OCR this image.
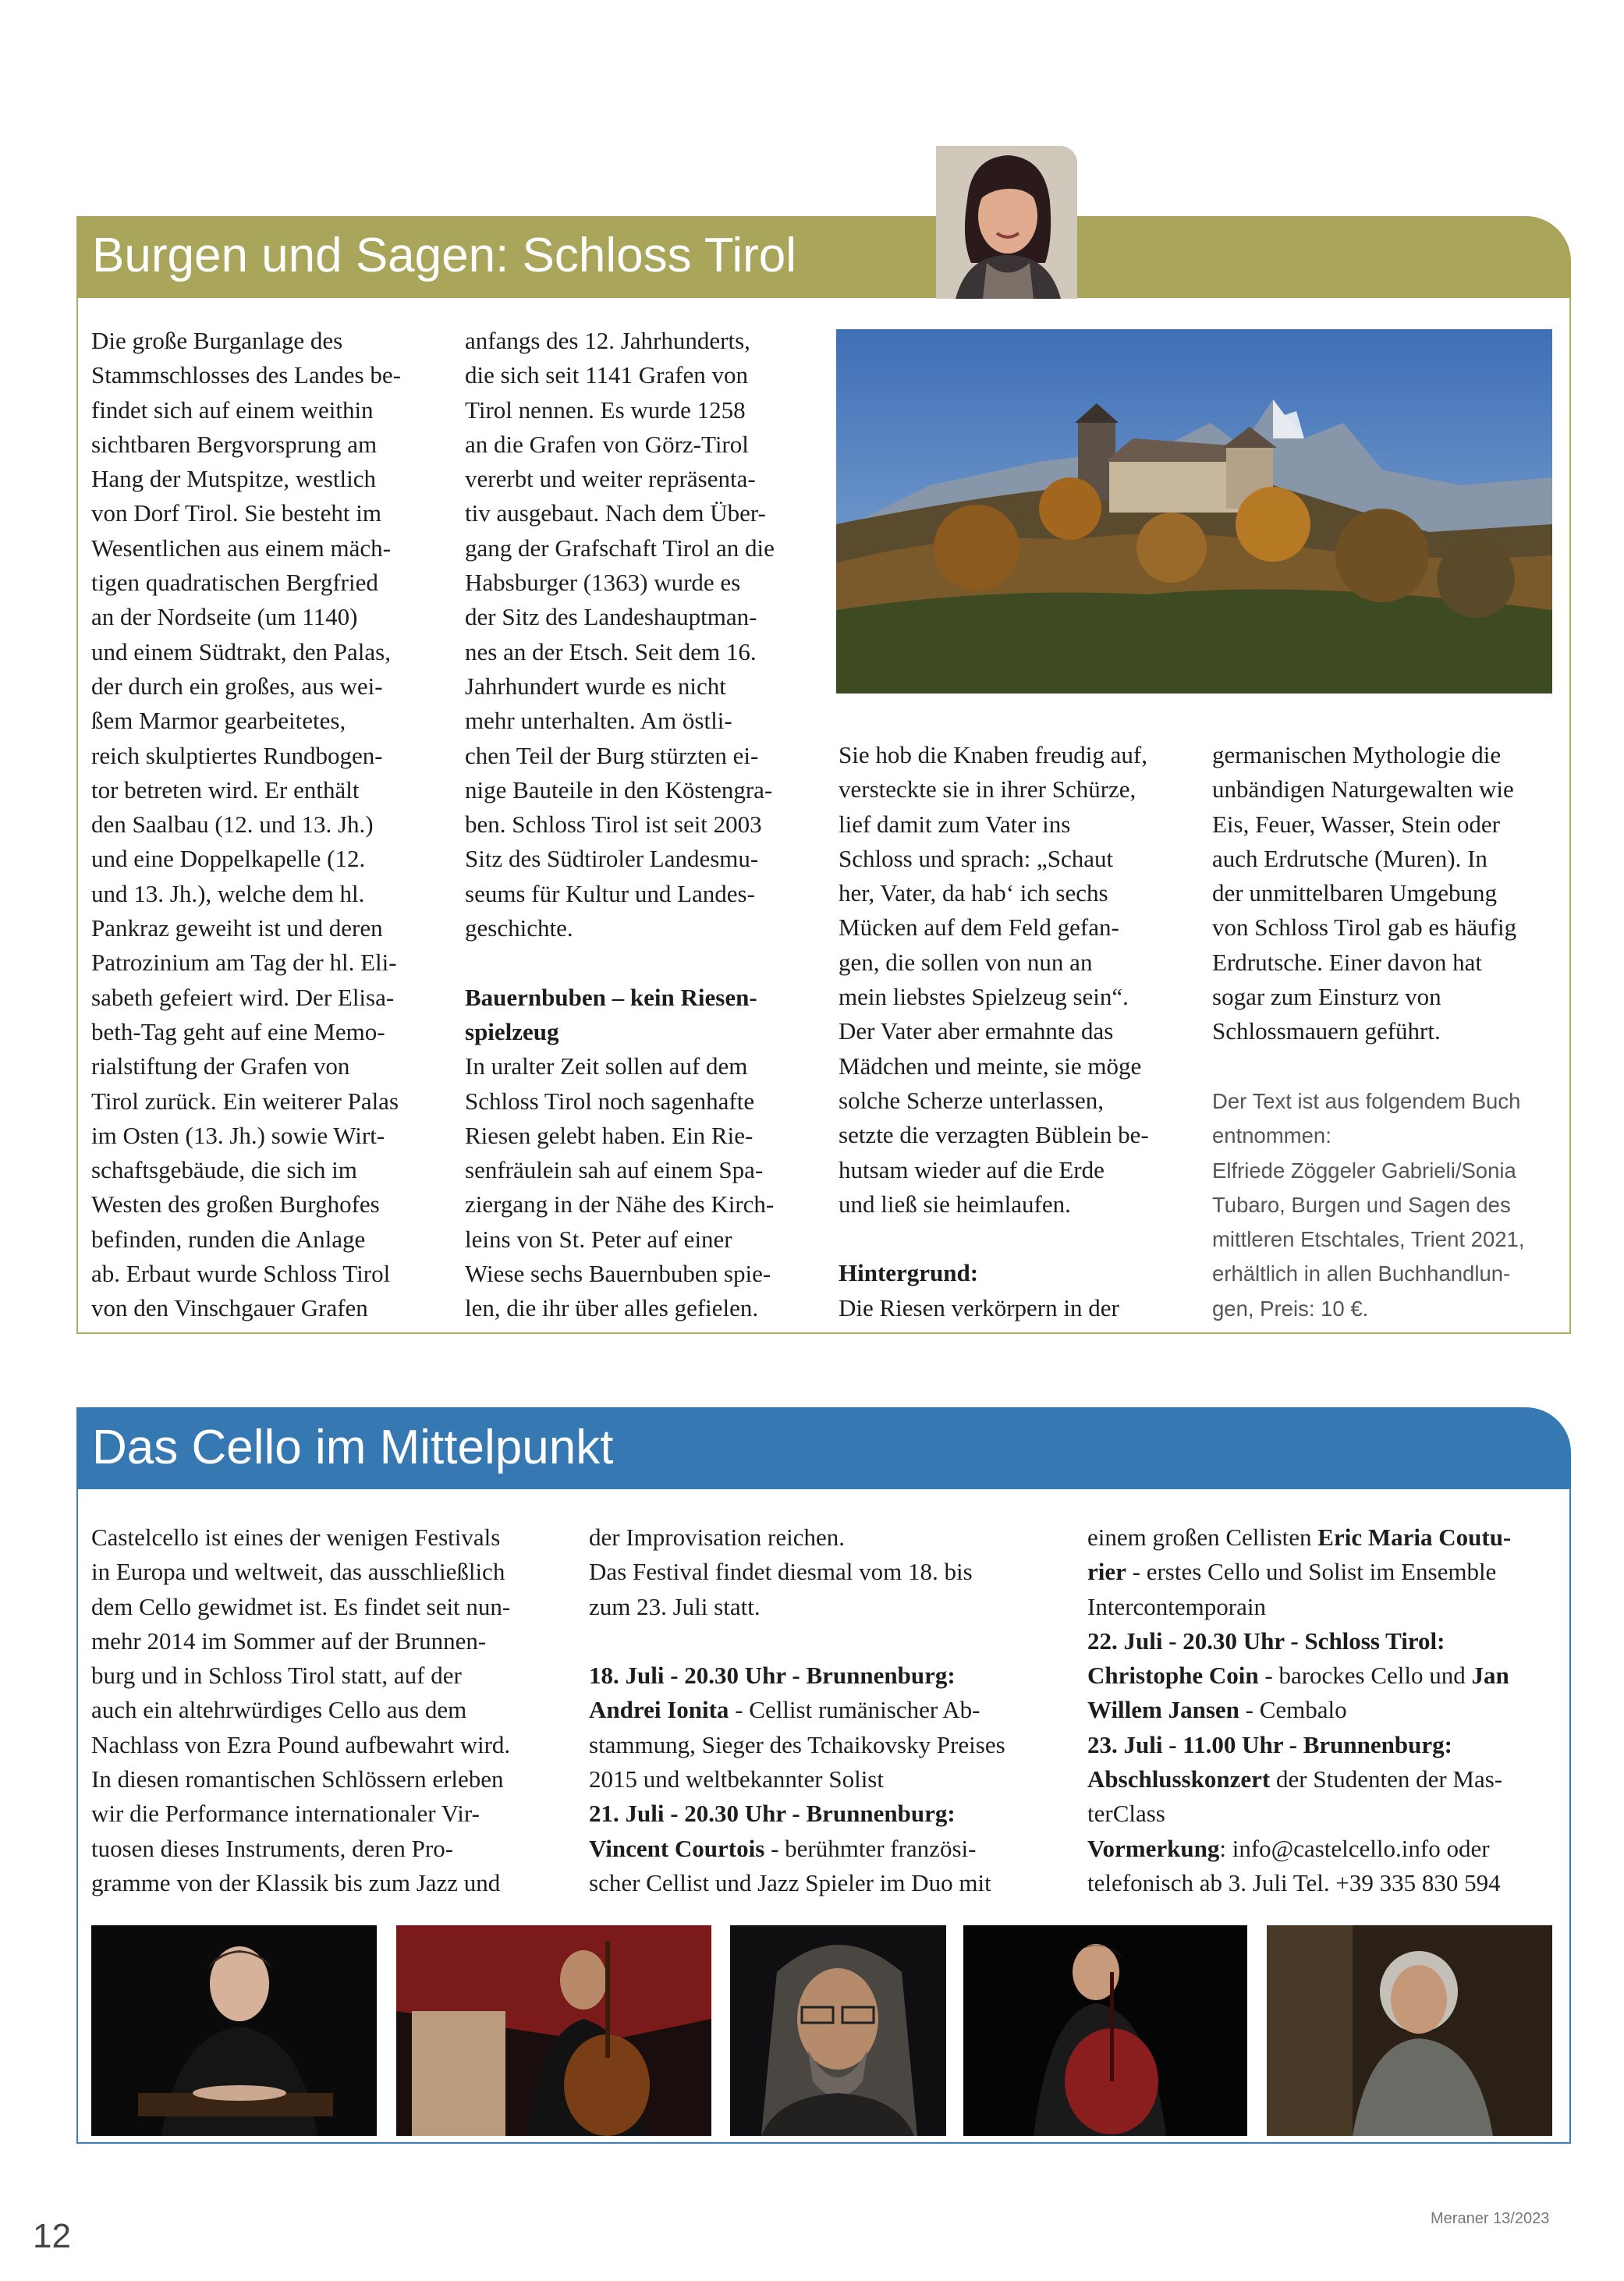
Burgen und Sagen: Schloss Tirol

Die große Burganlage des

Stammschlosses des Landes be-

findet sich auf einem weithin

sichtbaren Bergvorsprung am

Hang der Mutspitze, westlich

von Dorf Tirol. Sie besteht im

Wesentlichen aus einem mäch-

tigen quadratischen Bergfried

an der Nordseite (um 1140)

und einem Südtrakt, den Palas,

der durch ein großes, aus wei-

ßem Marmor gearbeitetes,

reich skulptiertes Rundbogen-

tor betreten wird. Er enthält

den Saalbau (12. und 13. Jh.)

und eine Doppelkapelle (12.

und 13. Jh.), welche dem hl.

Pankraz geweiht ist und deren

Patrozinium am Tag der hl. Eli-

sabeth gefeiert wird. Der Elisa-

beth-Tag geht auf eine Memo-

rialstiftung der Grafen von

Tirol zurück. Ein weiterer Palas

im Osten (13. Jh.) sowie Wirt-

schaftsgebäude, die sich im

Westen des großen Burghofes

befinden, runden die Anlage

ab. Erbaut wurde Schloss Tirol

von den Vinschgauer Grafen

anfangs des 12. Jahrhunderts,

die sich seit 1141 Grafen von

Tirol nennen. Es wurde 1258

an die Grafen von Görz-Tirol

vererbt und weiter repräsenta-

tiv ausgebaut. Nach dem Über-

gang der Grafschaft Tirol an die

Habsburger (1363) wurde es

der Sitz des Landeshauptman-

nes an der Etsch. Seit dem 16.

Jahrhundert wurde es nicht

mehr unterhalten. Am östli-

chen Teil der Burg stürzten ei-

nige Bauteile in den Köstengra-

ben. Schloss Tirol ist seit 2003

Sitz des Südtiroler Landesmu-

seums für Kultur und Landes-

geschichte.

Bauernbuben – kein Riesen-

spielzeug

In uralter Zeit sollen auf dem

Schloss Tirol noch sagenhafte

Riesen gelebt haben. Ein Rie-

senfräulein sah auf einem Spa-

ziergang in der Nähe des Kirch-

leins von St. Peter auf einer

Wiese sechs Bauernbuben spie-

len, die ihr über alles gefielen.

Sie hob die Knaben freudig auf,

versteckte sie in ihrer Schürze,

lief damit zum Vater ins

Schloss und sprach: „Schaut

her, Vater, da hab‘ ich sechs

Mücken auf dem Feld gefan-

gen, die sollen von nun an

mein liebstes Spielzeug sein“.

Der Vater aber ermahnte das

Mädchen und meinte, sie möge

solche Scherze unterlassen,

setzte die verzagten Büblein be-

hutsam wieder auf die Erde

und ließ sie heimlaufen.

Hintergrund:

Die Riesen verkörpern in der

germanischen Mythologie die

unbändigen Naturgewalten wie

Eis, Feuer, Wasser, Stein oder

auch Erdrutsche (Muren). In

der unmittelbaren Umgebung

von Schloss Tirol gab es häufig

Erdrutsche. Einer davon hat

sogar zum Einsturz von

Schlossmauern geführt.

Der Text ist aus folgendem Buch

entnommen:

Elfriede Zöggeler Gabrieli/Sonia

Tubaro, Burgen und Sagen des

mittleren Etschtales, Trient 2021,

erhältlich in allen Buchhandlun-

gen, Preis: 10 €.

Das Cello im Mittelpunkt

Castelcello ist eines der wenigen Festivals

in Europa und weltweit, das ausschließlich

dem Cello gewidmet ist. Es findet seit nun-

mehr 2014 im Sommer auf der Brunnen-

burg und in Schloss Tirol statt, auf der

auch ein altehrwürdiges Cello aus dem

Nachlass von Ezra Pound aufbewahrt wird.

In diesen romantischen Schlössern erleben

wir die Performance internationaler Vir-

tuosen dieses Instruments, deren Pro-

gramme von der Klassik bis zum Jazz und

der Improvisation reichen.

Das Festival findet diesmal vom 18. bis

zum 23. Juli statt.

18. Juli - 20.30 Uhr - Brunnenburg:

Andrei Ionita - Cellist rumänischer Ab-

stammung, Sieger des Tchaikovsky Preises

2015 und weltbekannter Solist

21. Juli - 20.30 Uhr - Brunnenburg:

Vincent Courtois - berühmter französi-

scher Cellist und Jazz Spieler im Duo mit

einem großen Cellisten Eric Maria Coutu-

rier - erstes Cello und Solist im Ensemble

Intercontemporain

22. Juli - 20.30 Uhr - Schloss Tirol:

Christophe Coin - barockes Cello und Jan

Willem Jansen - Cembalo

23. Juli - 11.00 Uhr - Brunnenburg:

Abschlusskonzert der Studenten der Mas-

terClass

Vormerkung: info@castelcello.info oder

telefonisch ab 3. Juli Tel. +39 335 830 594

12	Meraner 13/2023
